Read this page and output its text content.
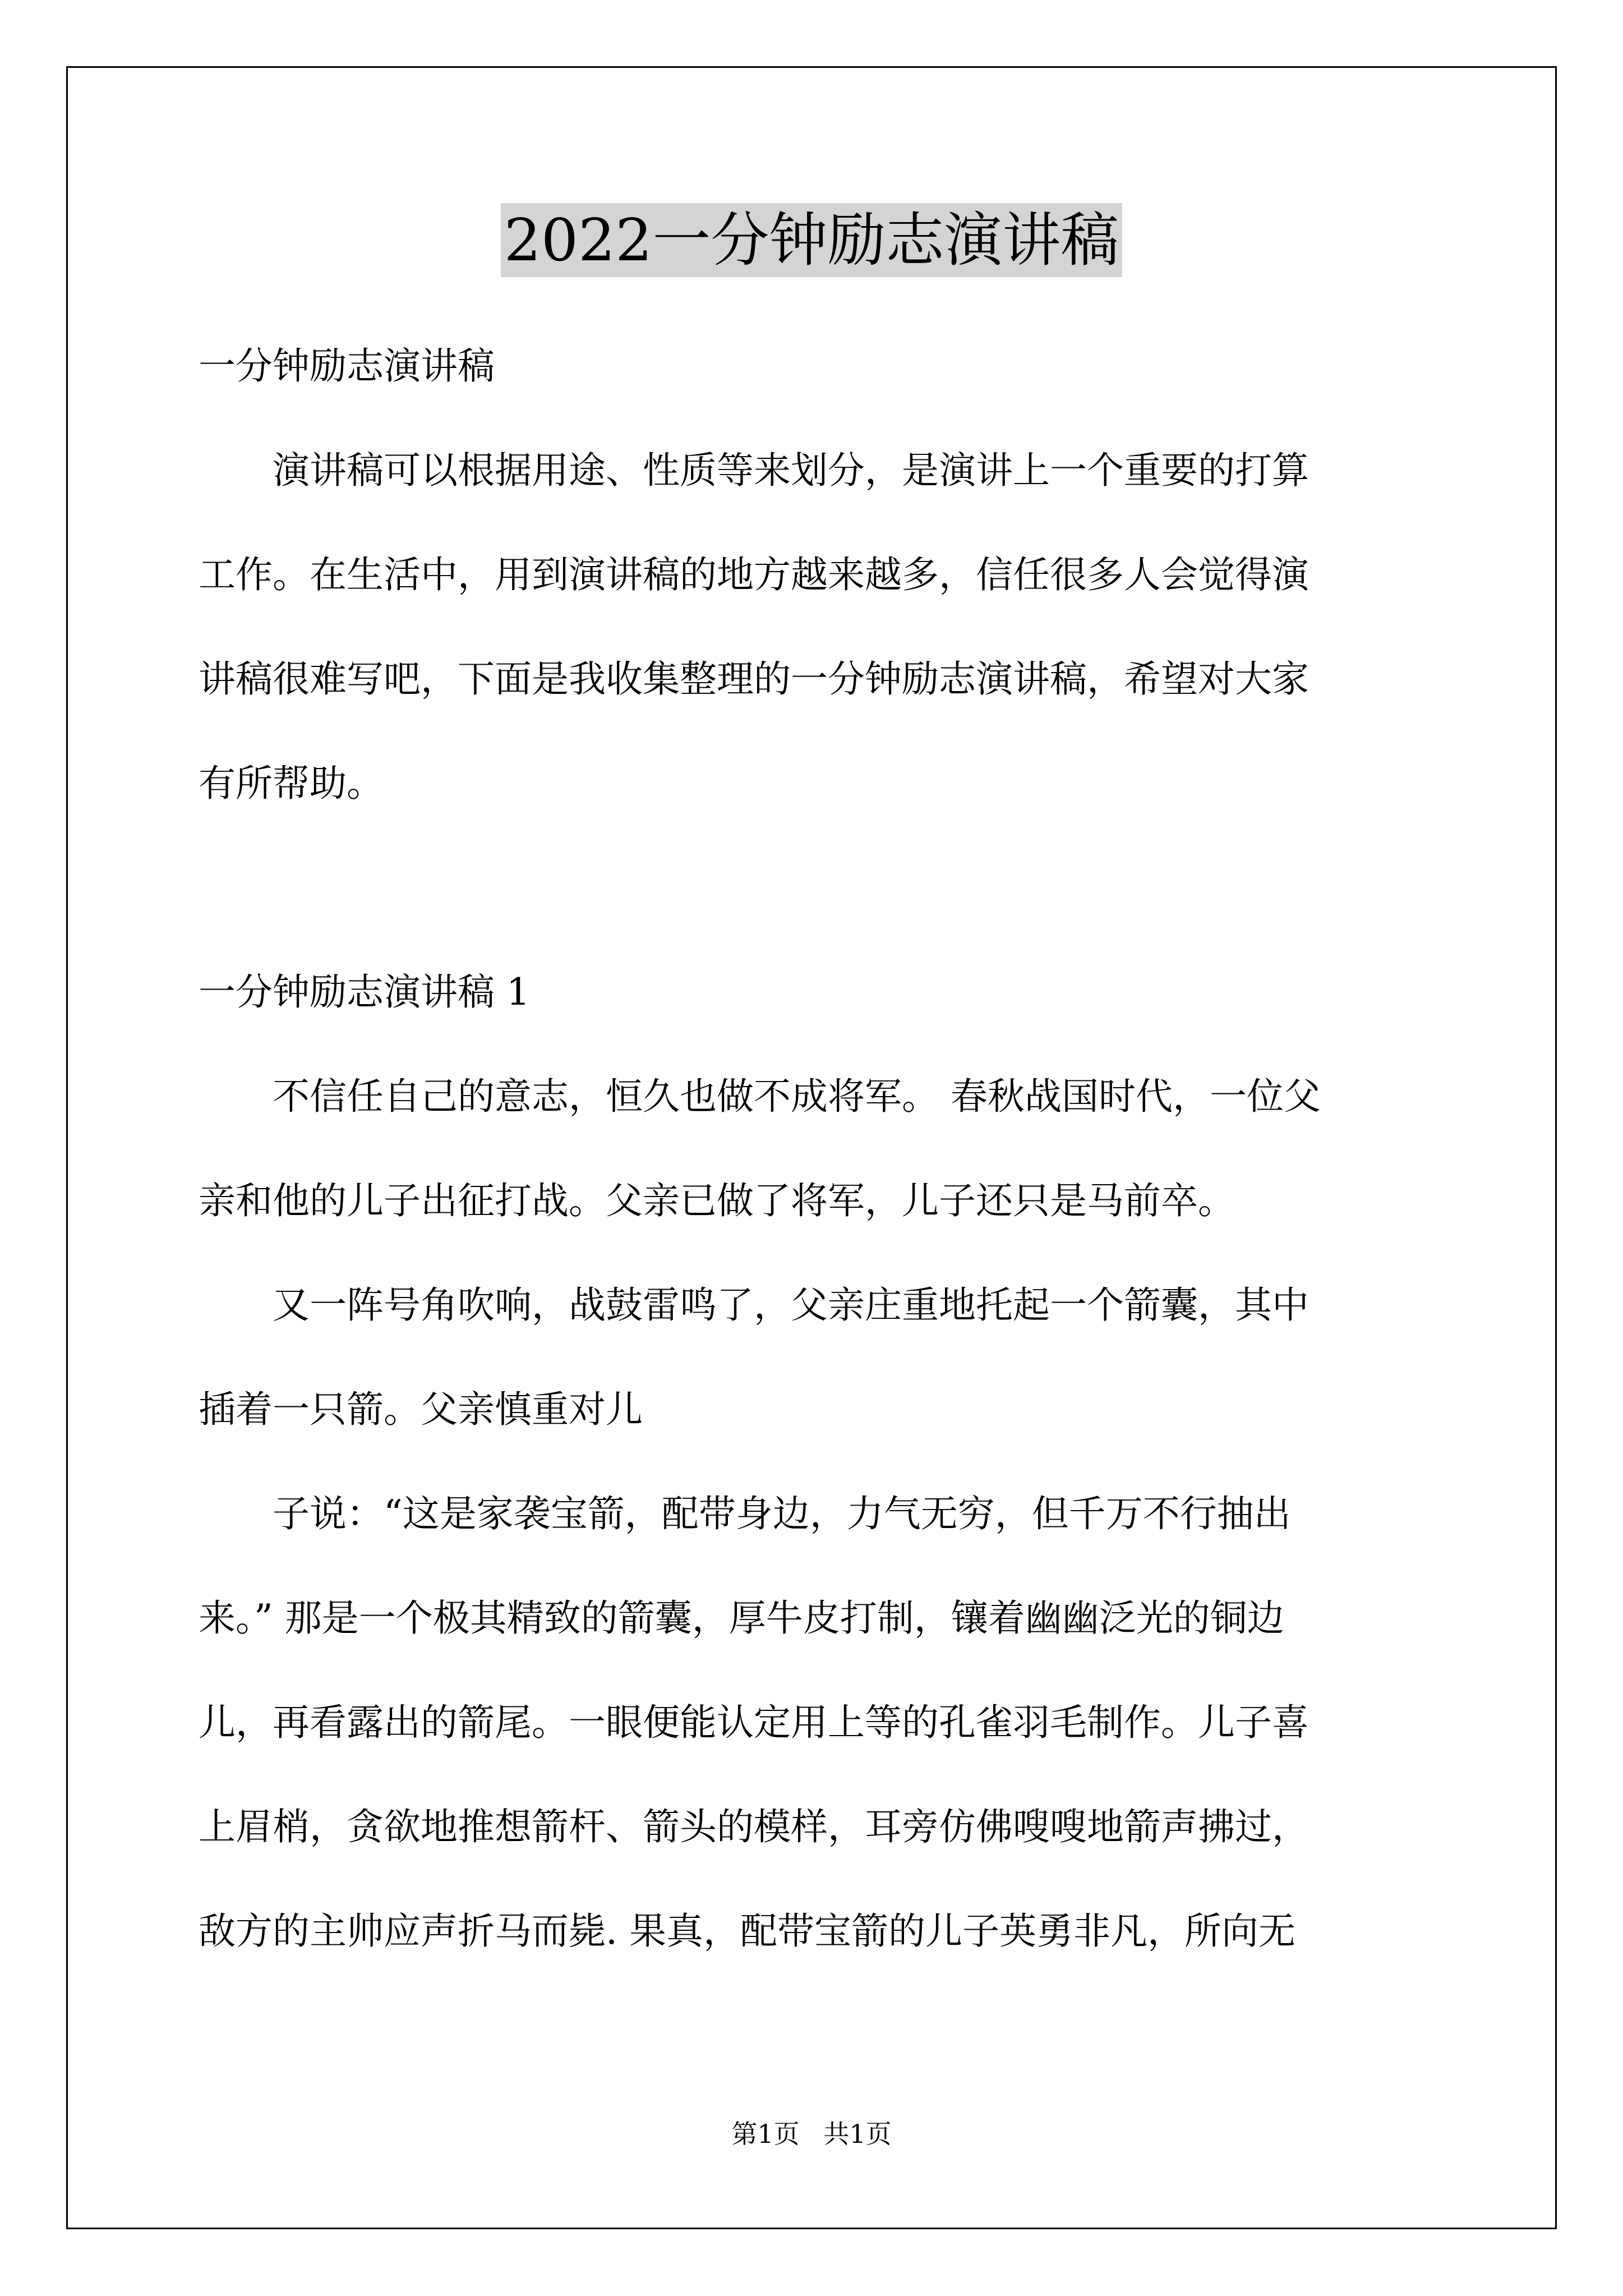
2022一分钟励志演讲稿
一分钟励志演讲稿
演讲稿可以根据用途、性质等来划分，是演讲上一个重要的打算
工作。在生活中，用到演讲稿的地方越来越多，信任很多人会觉得演
讲稿很难写吧，下面是我收集整理的一分钟励志演讲稿，希望对大家
有所帮助。
一分钟励志演讲稿 1
不信任自己的意志，恒久也做不成将军。 春秋战国时代，一位父
亲和他的儿子出征打战。父亲已做了将军，儿子还只是马前卒。
又一阵号角吹响，战鼓雷鸣了，父亲庄重地托起一个箭囊，其中
插着一只箭。父亲慎重对儿
子说：“这是家袭宝箭，配带身边，力气无穷，但千万不行抽出
来。” 那是一个极其精致的箭囊，厚牛皮打制，镶着幽幽泛光的铜边
儿，再看露出的箭尾。一眼便能认定用上等的孔雀羽毛制作。儿子喜
上眉梢，贪欲地推想箭杆、箭头的模样，耳旁仿佛嗖嗖地箭声拂过，
敌方的主帅应声折马而毙. 果真，配带宝箭的儿子英勇非凡，所向无
第1页 共1页
